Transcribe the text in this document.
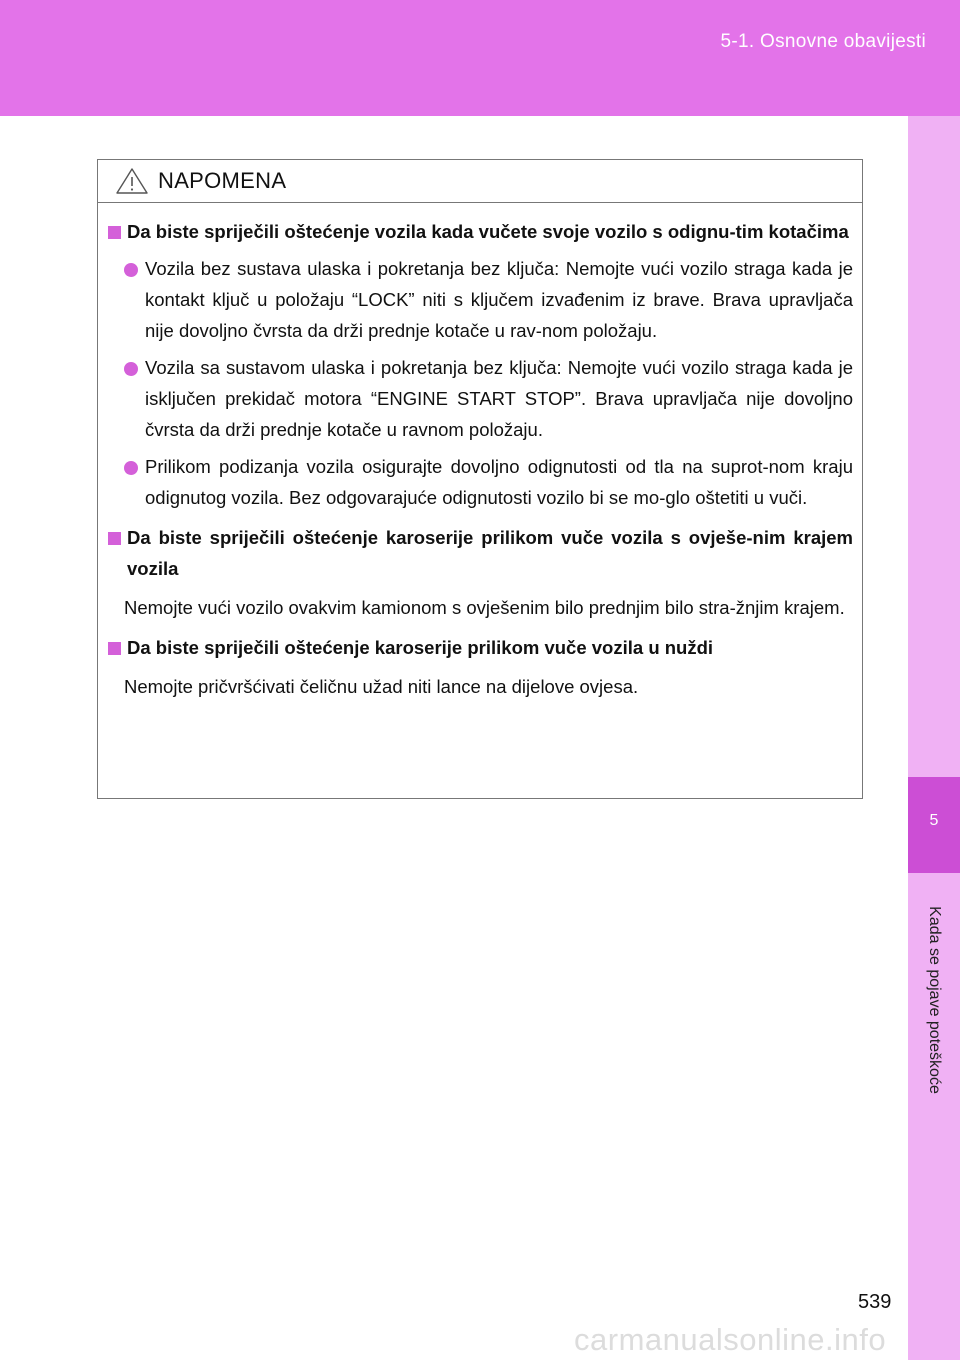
5-1. Osnovne obavijesti
5
Kada se pojave poteškoće
NAPOMENA
Da biste spriječili oštećenje vozila kada vučete svoje vozilo s odignu-tim kotačima
Vozila bez sustava ulaska i pokretanja bez ključa: Nemojte vući vozilo straga kada je kontakt ključ u položaju “LOCK” niti s ključem izvađenim iz brave. Brava upravljača nije dovoljno čvrsta da drži prednje kotače u rav-nom položaju.
Vozila sa sustavom ulaska i pokretanja bez ključa: Nemojte vući vozilo straga kada je isključen prekidač motora “ENGINE START STOP”. Brava upravljača nije dovoljno čvrsta da drži prednje kotače u ravnom položaju.
Prilikom podizanja vozila osigurajte dovoljno odignutosti od tla na suprot-nom kraju odignutog vozila. Bez odgovarajuće odignutosti vozilo bi se mo-glo oštetiti u vuči.
Da biste spriječili oštećenje karoserije prilikom vuče vozila s ovješe-nim krajem vozila
Nemojte vući vozilo ovakvim kamionom s ovješenim bilo prednjim bilo stra-žnjim krajem.
Da biste spriječili oštećenje karoserije prilikom vuče vozila u nuždi
Nemojte pričvršćivati čeličnu užad niti lance na dijelove ovjesa.
539
carmanualsonline.info
